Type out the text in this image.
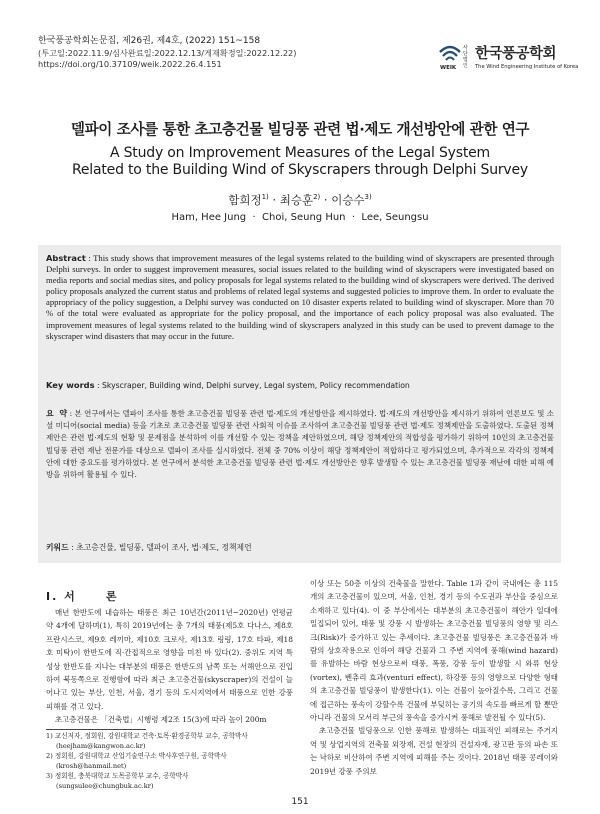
한국풍공학회논문집, 제26권, 제4호, (2022) 151~158
(투고일:2022.11.9/심사완료일:2022.12.13/게재확정일:2022.12.22)
https://doi.org/10.37109/weik.2022.26.4.151
사단 법인
한국풍공학회
WEIK	The Wind Engineering Institute of Korea
델파이 조사를 통한 초고층건물 빌딩풍 관련 법·제도 개선방안에 관한 연구
A Study on Improvement Measures of the Legal System
Related to the Building Wind of Skyscrapers through Delphi Survey
함희정$^{1)}$ · 최승훈$^{2)}$ · 이승수$^{3)}$
Ham, Hee Jung  ·  Choi, Seung Hun  ·  Lee, Seungsu
Abstract : This study shows that improvement measures of the legal systems related to the building wind of skyscrapers are presented through Delphi surveys. In order to suggest improvement measures, social issues related to the building wind of skyscrapers were investigated based on media reports and social medias sites, and policy proposals for legal systems related to the building wind of skyscrapers were derived. The derived policy proposals analyzed the current status and problems of related legal systems and suggested policies to improve them. In order to evaluate the appropriacy of the policy suggestion, a Delphi survey was conducted on 10 disaster experts related to building wind of skyscraper. More than 70 % of the total were evaluated as appropriate for the policy proposal, and the importance of each policy proposal was also evaluated. The improvement measures of legal systems related to the building wind of skyscrapers analyzed in this study can be used to prevent damage to the skyscraper wind disasters that may occur in the future.
Key words : Skyscraper, Building wind, Delphi survey, Legal system, Policy recommendation
요  약 : 본 연구에서는 델파이 조사를 통한 초고층건물 빌딩풍 관련 법·제도의 개선방안을 제시하였다. 법·제도의 개선방안을 제시하기 위하여 언론보도 및 소셜 미디어(social media) 등을 기초로 초고층건물 빌딩풍 관련 사회적 이슈를 조사하여 초고층건물 빌딩풍 관련 법·제도 정책제안을 도출하였다. 도출된 정책제안은 관련 법·제도의 현황 및 문제점을 분석하여 이를 개선할 수 있는 정책을 제안하였으며, 해당 정책제안의 적합성을 평가하기 위하여 10인의 초고층건물 빌딩풍 관련 재난 전문가를 대상으로 델파이 조사를 실시하였다. 전체 중 70% 이상이 해당 정책제안이 적합하다고 평가되었으며, 추가적으로 각각의 정책제안에 대한 중요도를 평가하였다. 본 연구에서 분석한 초고층건물 빌딩풍 관련 법·제도 개선방안은 향후 발생할 수 있는 초고층건물 빌딩풍 재난에 대한 피해 예방을 위하여 활용될 수 있다.
키워드 : 초고층건물, 빌딩풍, 델파이 조사, 법·제도, 정책제언
I. 서     론

매년 한반도에 내습하는 태풍은 최근 10년간(2011년~2020년) 연평균 약 4개에 달하며(1), 특히 2019년에는 총 7개의 태풍(제5호 다나스, 제8호 프란시스코, 제9호 레끼마, 제10호 크로사, 제13호 링링, 17호 타파, 제18호 미탁)이 한반도에 직·간접적으로 영향을 미친 바 있다(2). 중위도 지역 특성상 한반도를 지나는 대부분의 태풍은 한반도의 남쪽 또는 서해안으로 진입하여 북동쪽으로 진행함에 따라 최근 초고층건물(skyscraper)의 건설이 늘어나고 있는 부산, 인천, 서울, 경기 등의 도시지역에서 태풍으로 인한 강풍 피해를 겪고 있다.

초고층건물은 「건축법」시행령 제2조 15(3)에 따라 높이 200m

이상 또는 50층 이상의 건축물을 말한다. Table 1과 같이 국내에는 총 115개의 초고층건물이 있으며, 서울, 인천, 경기 등의 수도권과 부산을 중심으로 소재하고 있다(4). 이 중 부산에서는 대부분의 초고층건물이 해안가 일대에 밀집되어 있어, 태풍 및 강풍 시 발생하는 초고층건물 빌딩풍의 영향 및 리스크(Risk)가 증가하고 있는 추세이다. 초고층건물 빌딩풍은 초고층건물과 바람의 상호작용으로 인하여 해당 건물과 그 주변 지역에 풍해(wind hazard)를 유발하는 바람 현상으로써 태풍, 폭풍, 강풍 등이 발생할 시 와류 현상(vortex), 벤츄리 효과(venturi effect), 하강풍 등의 영향으로 다양한 형태의 초고층건물 빌딩풍이 발생한다(1). 이는 건물이 높아질수록, 그리고 건물에 접근하는 풍속이 강할수록 건물에 부딪히는 공기의 속도를 빠르게 할 뿐만 아니라 건물의 모서리 부근의 풍속을 증가시켜 풍해로 발전될 수 있다(5).

초고층건물 빌딩풍으로 인한 풍해로 발생하는 대표적인 피해로는 주거지역 및 상업지역의 건축물 외장재, 건설 현장의 건설자재, 광고판 등의 파손 또는 낙하로 비산하여 주변 지역에 피해를 주는 것이다. 2018년 태풍 콩레이와 2019년 강풍 주의보

1) 교신저자, 정회원, 강원대학교 건축·토목·환경공학부 교수, 공학박사
(heejham@kangwon.ac.kr)
2) 정회원, 강원대학교 산업기술연구소 박사후연구원, 공학박사
(krosh@hanmail.net)
3) 정회원, 충북대학교 도목공학부 교수, 공학박사
(sungsulee@chungbuk.ac.kr)
151
